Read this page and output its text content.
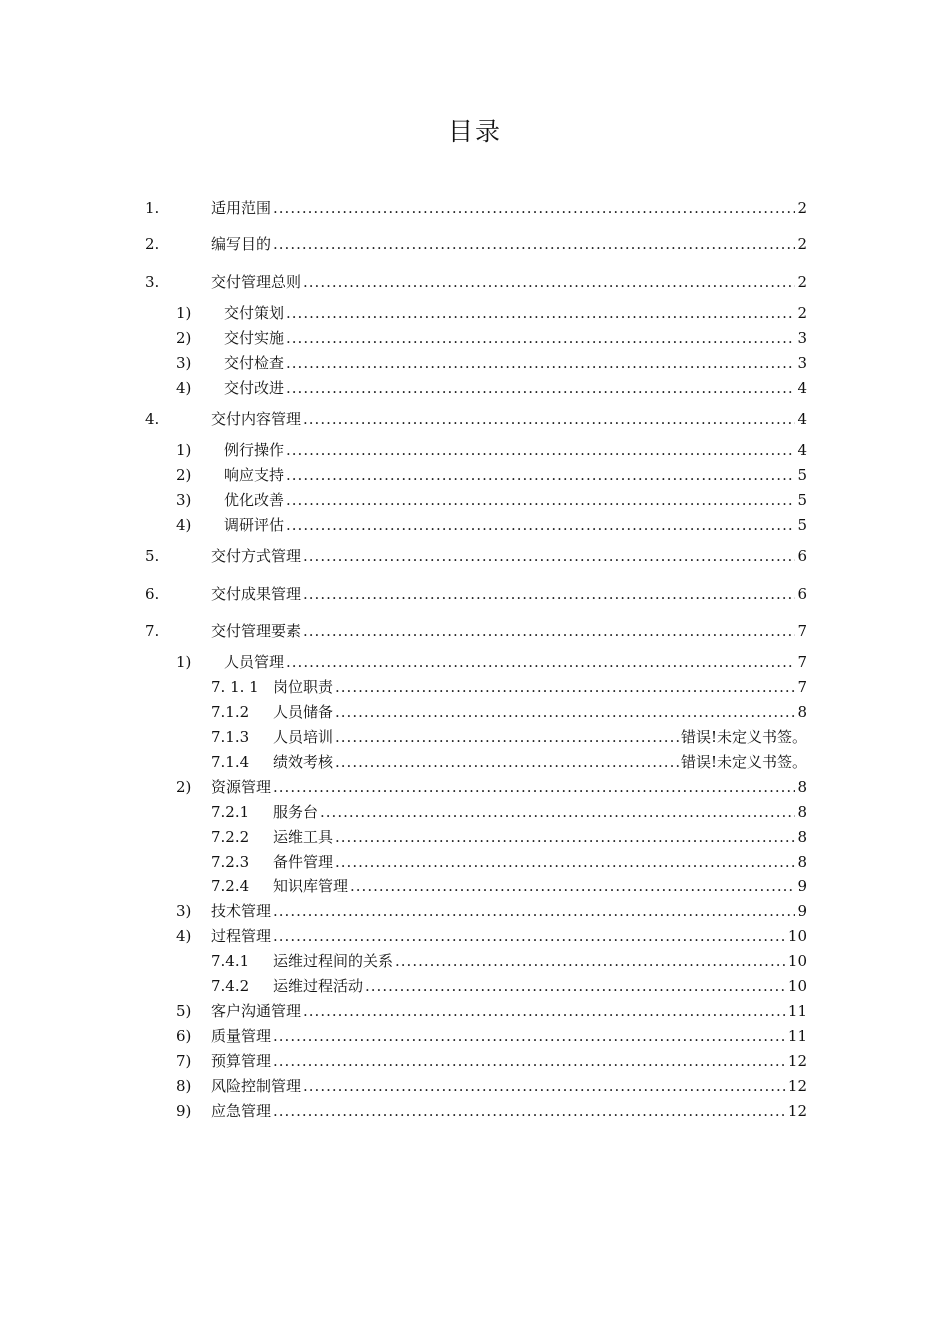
目录
1.	适用范围 .....	2
2.	编写目的 .....	2
3.	交付管理总则 .....	2
1)	交付策划 .....	2
2)	交付实施 .....	3
3)	交付检查 .....	3
4)	交付改进 .....	4
4.	交付内容管理 .....	4
1)	例行操作 .....	4
2)	响应支持 .....	5
3)	优化改善 .....	5
4)	调研评估 .....	5
5.	交付方式管理 .....	6
6.	交付成果管理 .....	6
7.	交付管理要素 .....	7
1)	人员管理 .....	7
7. 1. 1 岗位职责 .....	7
7.1.2	人员储备 .....	8
7.1.3	人员培训 .....	错误!未定义书签。
7.1.4	绩效考核 .....	错误!未定义书签。
2)	资源管理 .....	8
7.2.1	服务台 .....	8
7.2.2	运维工具 .....	8
7.2.3	备件管理 .....	8
7.2.4	知识库管理 .....	9
3)	技术管理 .....	9
4)	过程管理 .....	10
7.4.1	运维过程间的关系 .....	10
7.4.2	运维过程活动 .....	10
5)	客户沟通管理 .....	11
6)	质量管理 .....	11
7)	预算管理 .....	12
8)	风险控制管理 .....	12
9)	应急管理 .....	12
